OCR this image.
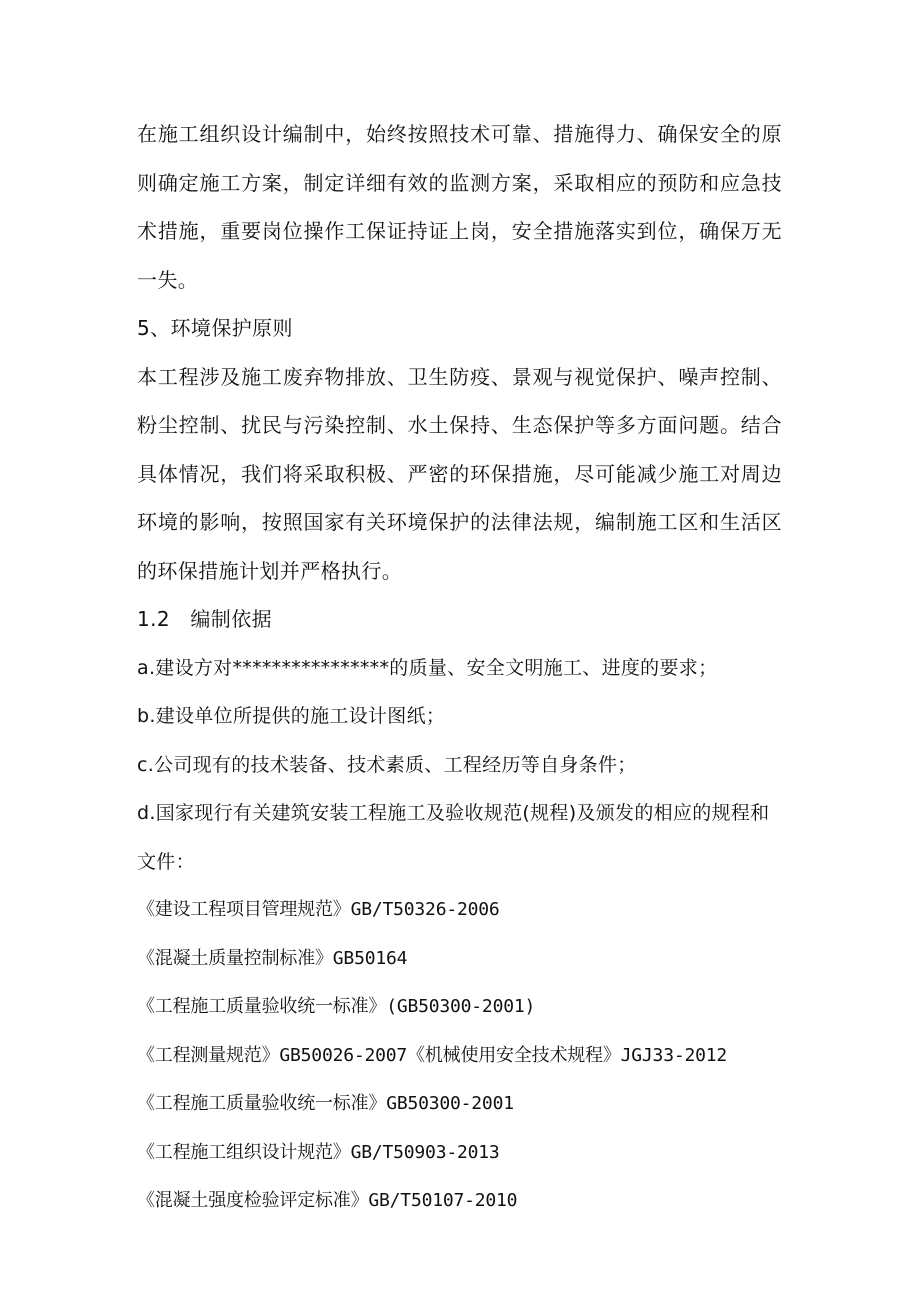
在施工组织设计编制中，始终按照技术可靠、措施得力、确保安全的原则确定施工方案，制定详细有效的监测方案，采取相应的预防和应急技术措施，重要岗位操作工保证持证上岗，安全措施落实到位，确保万无一失。

5、环境保护原则

本工程涉及施工废弃物排放、卫生防疫、景观与视觉保护、噪声控制、粉尘控制、扰民与污染控制、水土保持、生态保护等多方面问题。结合具体情况，我们将采取积极、严密的环保措施，尽可能减少施工对周边环境的影响，按照国家有关环境保护的法律法规，编制施工区和生活区的环保措施计划并严格执行。

1.2　编制依据

a.建设方对****************的质量、安全文明施工、进度的要求；

b.建设单位所提供的施工设计图纸；

c.公司现有的技术装备、技术素质、工程经历等自身条件；

d.国家现行有关建筑安装工程施工及验收规范(规程)及颁发的相应的规程和文件：

《建设工程项目管理规范》GB/T50326-2006

《混凝土质量控制标准》GB50164

《工程施工质量验收统一标准》(GB50300-2001)

《工程测量规范》GB50026-2007《机械使用安全技术规程》JGJ33-2012

《工程施工质量验收统一标准》GB50300-2001

《工程施工组织设计规范》GB/T50903-2013

《混凝土强度检验评定标准》GB/T50107-2010
